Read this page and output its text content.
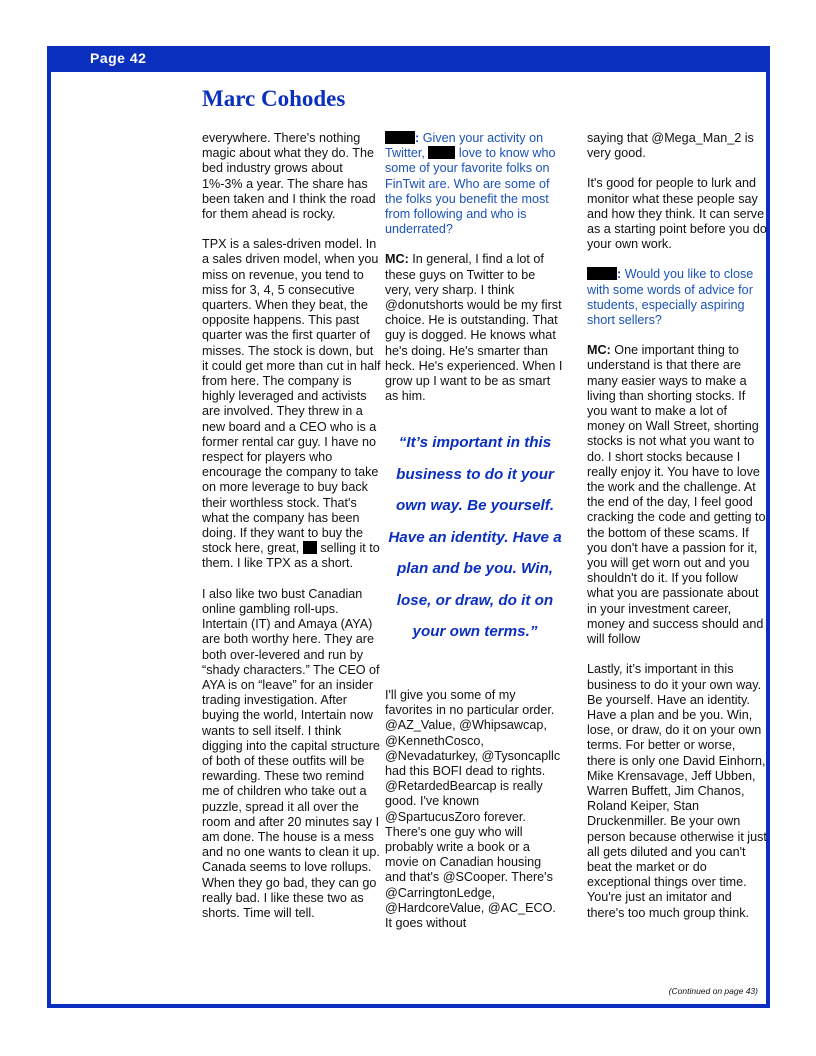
Page 42
Marc Cohodes

everywhere. There's nothing magic about what they do. The bed industry grows about 1%-3% a year. The share has been taken and I think the road for them ahead is rocky.

TPX is a sales-driven model. In a sales driven model, when you miss on revenue, you tend to miss for 3, 4, 5 consecutive quarters. When they beat, the opposite happens. This past quarter was the first quarter of misses. The stock is down, but it could get more than cut in half from here. The company is highly leveraged and activists are involved. They threw in a new board and a CEO who is a former rental car guy. I have no respect for players who encourage the company to take on more leverage to buy back their worthless stock. That's what the company has been doing. If they want to buy the stock here, great, selling it to them. I like TPX as a short.

I also like two bust Canadian online gambling roll-ups. Intertain (IT) and Amaya (AYA) are both worthy here. They are both over-levered and run by “shady characters.” The CEO of AYA is on “leave” for an insider trading investigation. After buying the world, Intertain now wants to sell itself. I think digging into the capital structure of both of these outfits will be rewarding. These two remind me of children who take out a puzzle, spread it all over the room and after 20 minutes say I am done. The house is a mess and no one wants to clean it up. Canada seems to love rollups. When they go bad, they can go really bad. I like these two as shorts. Time will tell.

: Given your activity on Twitter,	love to know who some of your favorite folks on FinTwit are. Who are some of the folks you benefit the most from following and who is underrated?

MC: In general, I find a lot of these guys on Twitter to be very, very sharp. I think @donutshorts would be my first choice. He is outstanding. That guy is dogged. He knows what he's doing. He's smarter than heck. He's experienced. When I grow up I want to be as smart as him.

“It’s important in this business to do it your own way. Be yourself. Have an identity. Have a plan and be you. Win, lose, or draw, do it on your own terms.”

I'll give you some of my favorites in no particular order. @AZ_Value, @Whipsawcap, @KennethCosco, @Nevadaturkey, @Tysoncapllc had this BOFI dead to rights. @RetardedBearcap is really good. I've known @SpartucusZoro forever. There's one guy who will probably write a book or a movie on Canadian housing and that's @SCooper. There's @CarringtonLedge, @HardcoreValue, @AC_ECO. It goes without

saying that @Mega_Man_2 is very good.

It's good for people to lurk and monitor what these people say and how they think. It can serve as a starting point before you do your own work.

: Would you like to close with some words of advice for students, especially aspiring short sellers?

MC: One important thing to understand is that there are many easier ways to make a living than shorting stocks. If you want to make a lot of money on Wall Street, shorting stocks is not what you want to do. I short stocks because I really enjoy it. You have to love the work and the challenge. At the end of the day, I feel good cracking the code and getting to the bottom of these scams. If you don't have a passion for it, you will get worn out and you shouldn't do it. If you follow what you are passionate about in your investment career, money and success should and will follow

Lastly, it’s important in this business to do it your own way. Be yourself. Have an identity. Have a plan and be you. Win, lose, or draw, do it on your own terms. For better or worse, there is only one David Einhorn, Mike Krensavage, Jeff Ubben, Warren Buffett, Jim Chanos, Roland Keiper, Stan Druckenmiller. Be your own person because otherwise it just all gets diluted and you can't beat the market or do exceptional things over time. You're just an imitator and there's too much group think.

(Continued on page 43)
